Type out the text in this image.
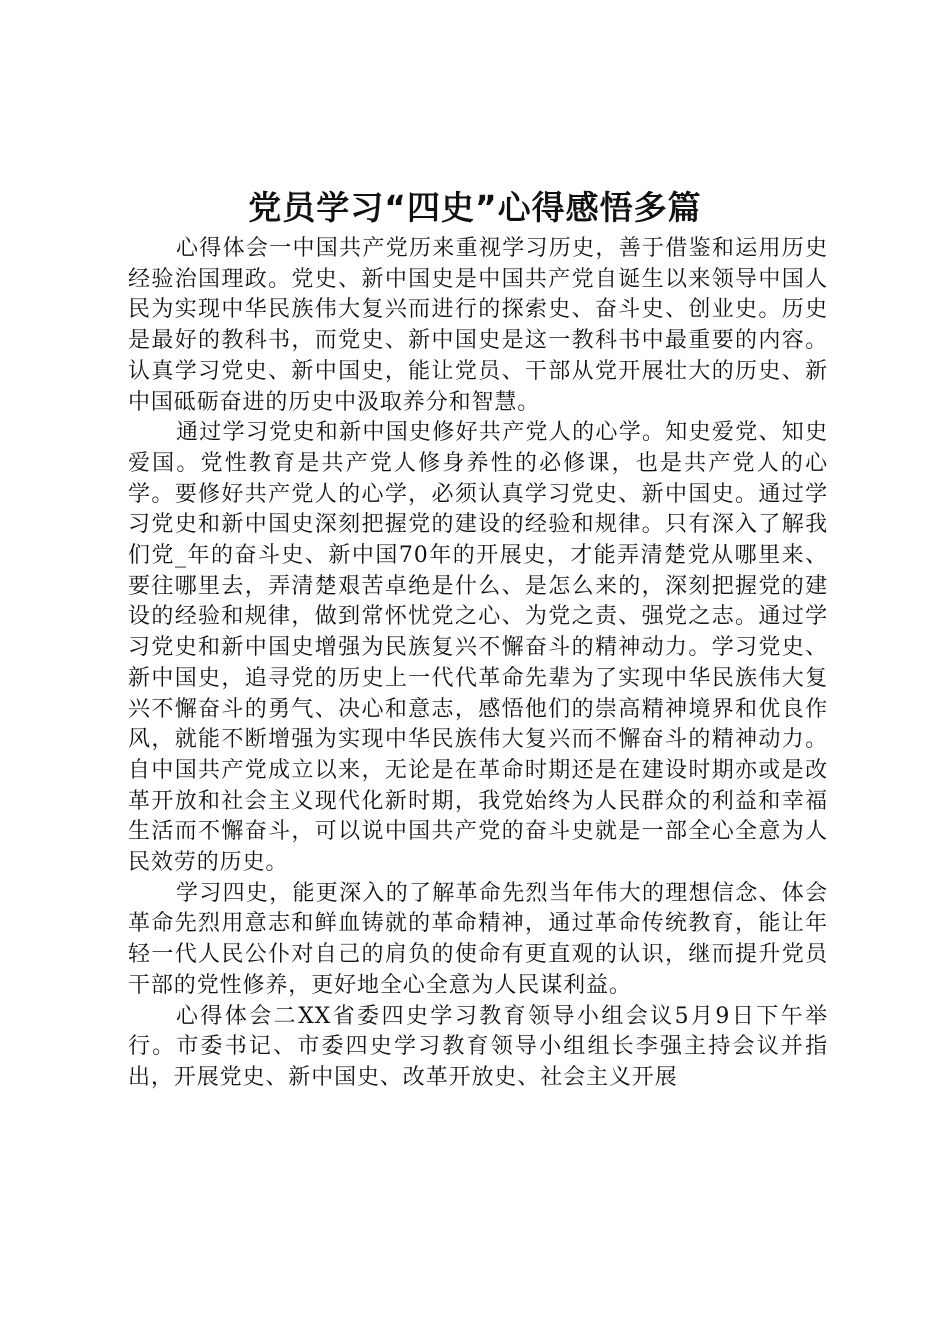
党员学习“四史”心得感悟多篇

心得体会一中国共产党历来重视学习历史，善于借鉴和运用历史经验治国理政。党史、新中国史是中国共产党自诞生以来领导中国人民为实现中华民族伟大复兴而进行的探索史、奋斗史、创业史。历史是最好的教科书，而党史、新中国史是这一教科书中最重要的内容。认真学习党史、新中国史，能让党员、干部从党开展壮大的历史、新中国砥砺奋进的历史中汲取养分和智慧。

通过学习党史和新中国史修好共产党人的心学。知史爱党、知史爱国。党性教育是共产党人修身养性的必修课，也是共产党人的心学。要修好共产党人的心学，必须认真学习党史、新中国史。通过学习党史和新中国史深刻把握党的建设的经验和规律。只有深入了解我们党_年的奋斗史、新中国70年的开展史，才能弄清楚党从哪里来、要往哪里去，弄清楚艰苦卓绝是什么、是怎么来的，深刻把握党的建设的经验和规律，做到常怀忧党之心、为党之责、强党之志。通过学习党史和新中国史增强为民族复兴不懈奋斗的精神动力。学习党史、新中国史，追寻党的历史上一代代革命先辈为了实现中华民族伟大复兴不懈奋斗的勇气、决心和意志，感悟他们的崇高精神境界和优良作风，就能不断增强为实现中华民族伟大复兴而不懈奋斗的精神动力。自中国共产党成立以来，无论是在革命时期还是在建设时期亦或是改革开放和社会主义现代化新时期，我党始终为人民群众的利益和幸福生活而不懈奋斗，可以说中国共产党的奋斗史就是一部全心全意为人民效劳的历史。

学习四史，能更深入的了解革命先烈当年伟大的理想信念、体会革命先烈用意志和鲜血铸就的革命精神，通过革命传统教育，能让年轻一代人民公仆对自己的肩负的使命有更直观的认识，继而提升党员干部的党性修养，更好地全心全意为人民谋利益。

心得体会二XX省委四史学习教育领导小组会议5月9日下午举行。市委书记、市委四史学习教育领导小组组长李强主持会议并指出，开展党史、新中国史、改革开放史、社会主义开展
